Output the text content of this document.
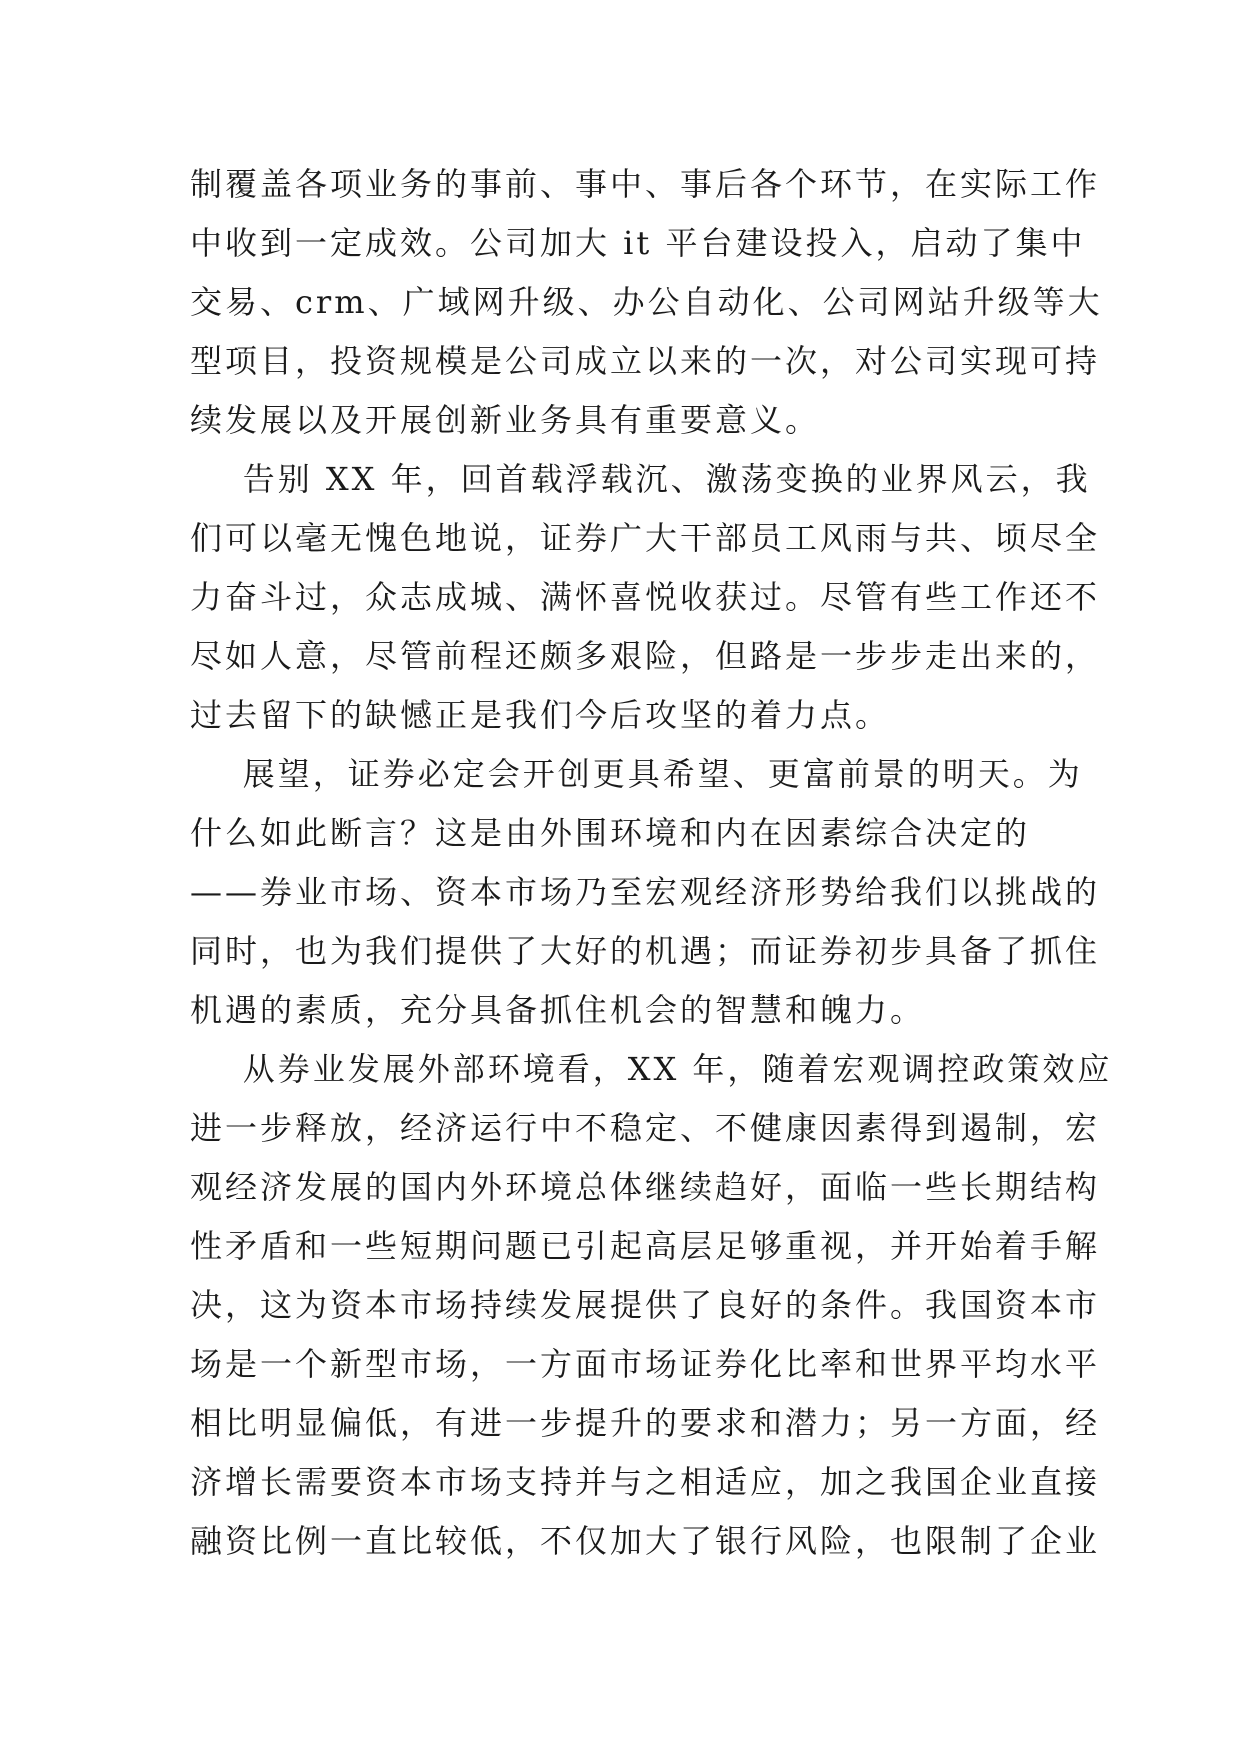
制覆盖各项业务的事前、事中、事后各个环节，在实际工作
中收到一定成效。公司加大 it 平台建设投入，启动了集中
交易、crm、广域网升级、办公自动化、公司网站升级等大
型项目，投资规模是公司成立以来的一次，对公司实现可持
续发展以及开展创新业务具有重要意义。
告别 XX 年，回首载浮载沉、激荡变换的业界风云，我
们可以毫无愧色地说，证券广大干部员工风雨与共、顷尽全
力奋斗过，众志成城、满怀喜悦收获过。尽管有些工作还不
尽如人意，尽管前程还颇多艰险，但路是一步步走出来的，
过去留下的缺憾正是我们今后攻坚的着力点。
展望，证券必定会开创更具希望、更富前景的明天。为
什么如此断言？这是由外围环境和内在因素综合决定的
——券业市场、资本市场乃至宏观经济形势给我们以挑战的
同时，也为我们提供了大好的机遇；而证券初步具备了抓住
机遇的素质，充分具备抓住机会的智慧和魄力。
从券业发展外部环境看，XX 年，随着宏观调控政策效应
进一步释放，经济运行中不稳定、不健康因素得到遏制，宏
观经济发展的国内外环境总体继续趋好，面临一些长期结构
性矛盾和一些短期问题已引起高层足够重视，并开始着手解
决，这为资本市场持续发展提供了良好的条件。我国资本市
场是一个新型市场，一方面市场证券化比率和世界平均水平
相比明显偏低，有进一步提升的要求和潜力；另一方面，经
济增长需要资本市场支持并与之相适应，加之我国企业直接
融资比例一直比较低，不仅加大了银行风险，也限制了企业
